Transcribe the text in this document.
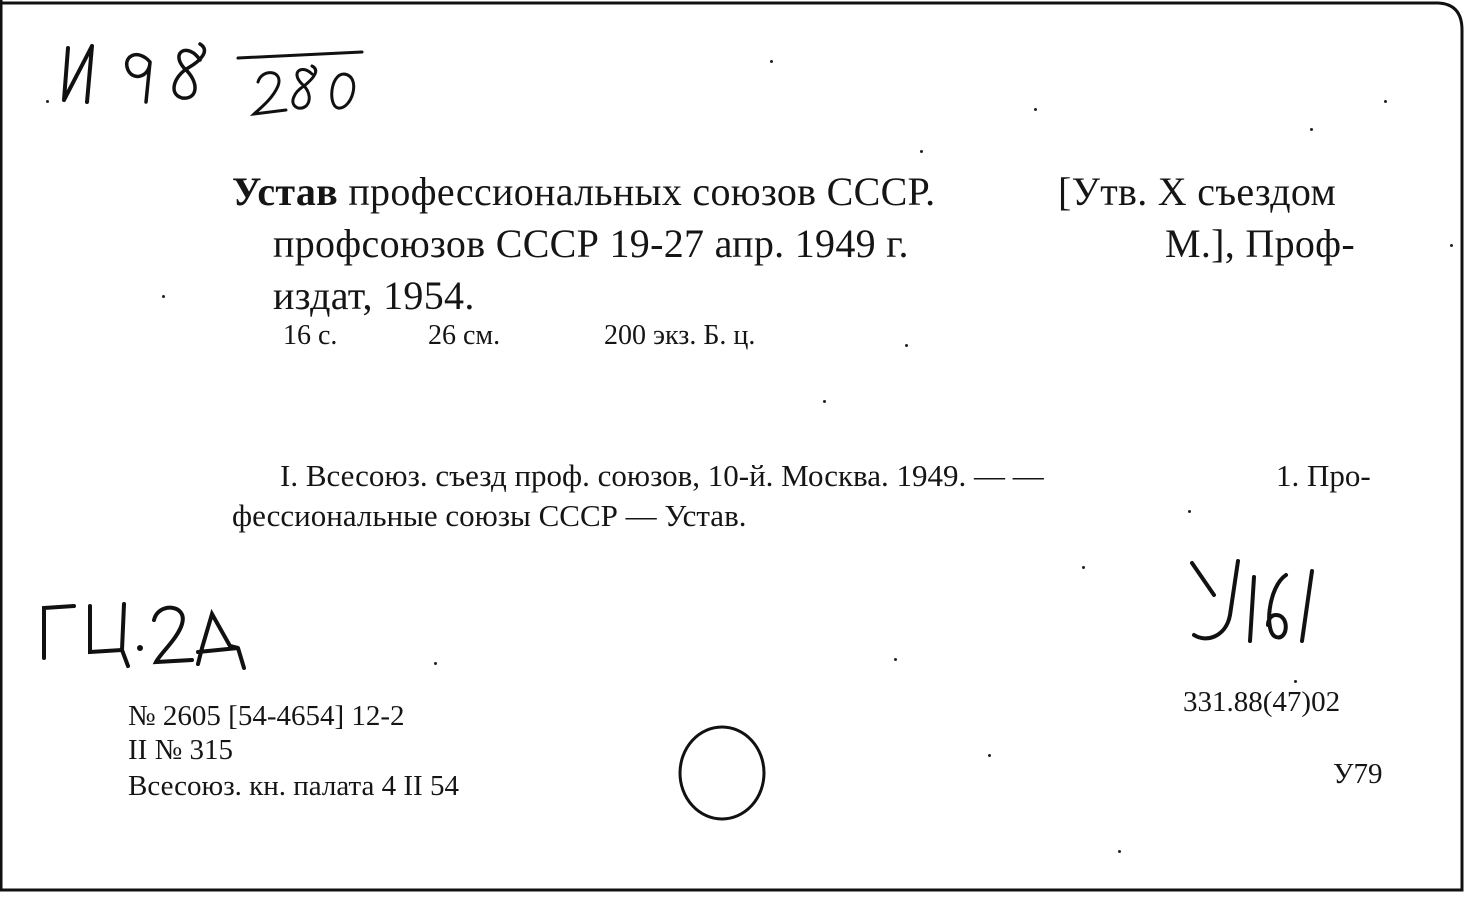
Устав профессиональных союзов СССР.	[Утв. X съездом
профсоюзов СССР 19-27 апр. 1949 г.	М.], Проф-
издат, 1954.
16 с.	26 см.	200 экз. Б. ц.
I. Всесоюз. съезд проф. союзов, 10-й. Москва. 1949. — —	1. Про-
фессиональные союзы СССР — Устав.
№ 2605 [54-4654] 12-2
II № 315
Всесоюз. кн. палата 4 II 54
331.88(47)02
У79
